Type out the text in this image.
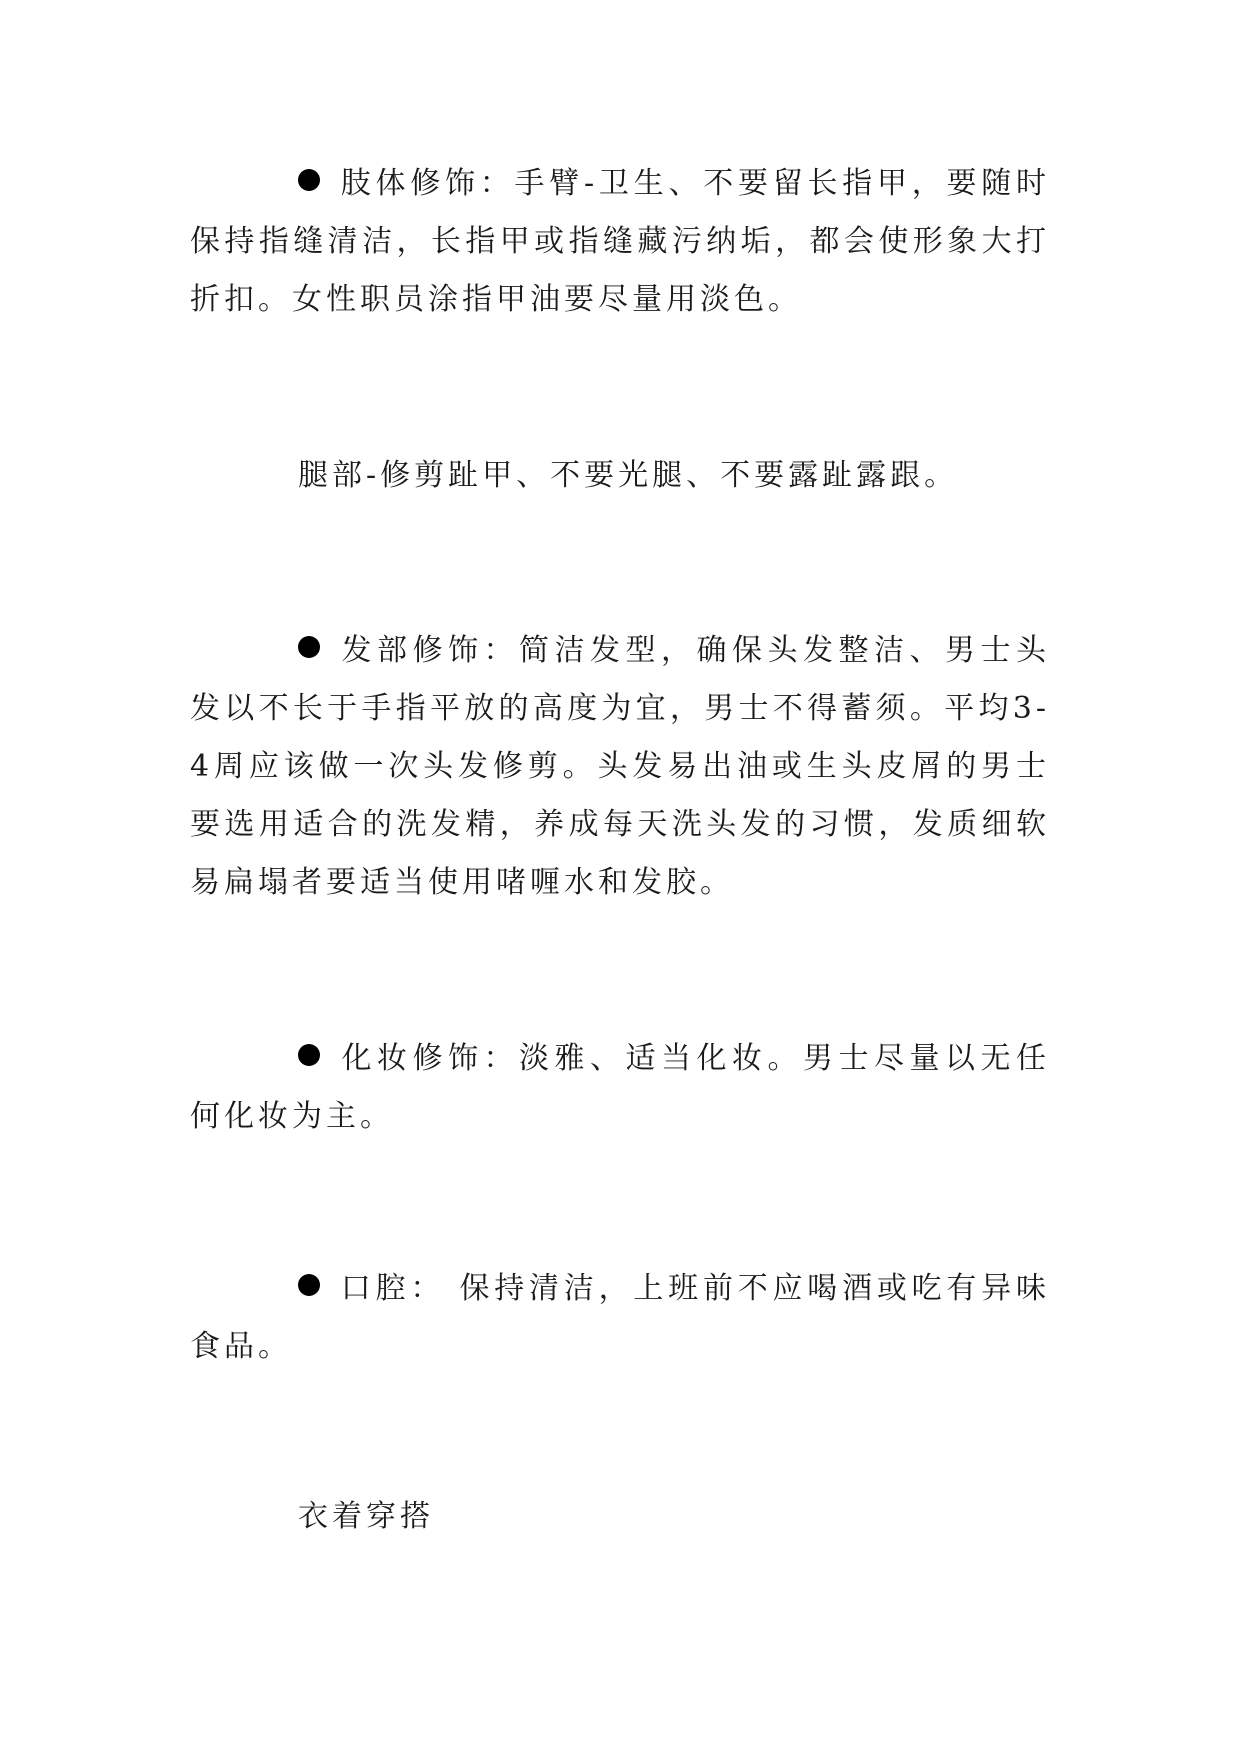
肢体修饰：手臂-卫生、不要留长指甲，要随时保持指缝清洁，长指甲或指缝藏污纳垢，都会使形象大打折扣。女性职员涂指甲油要尽量用淡色。

腿部-修剪趾甲、不要光腿、不要露趾露跟。

发部修饰：简洁发型，确保头发整洁、男士头发以不长于手指平放的高度为宜，男士不得蓄须。平均3-4周应该做一次头发修剪。头发易出油或生头皮屑的男士要选用适合的洗发精，养成每天洗头发的习惯，发质细软易扁塌者要适当使用啫喱水和发胶。

化妆修饰：淡雅、适当化妆。男士尽量以无任何化妆为主。

口腔： 保持清洁，上班前不应喝酒或吃有异味食品。

衣着穿搭
